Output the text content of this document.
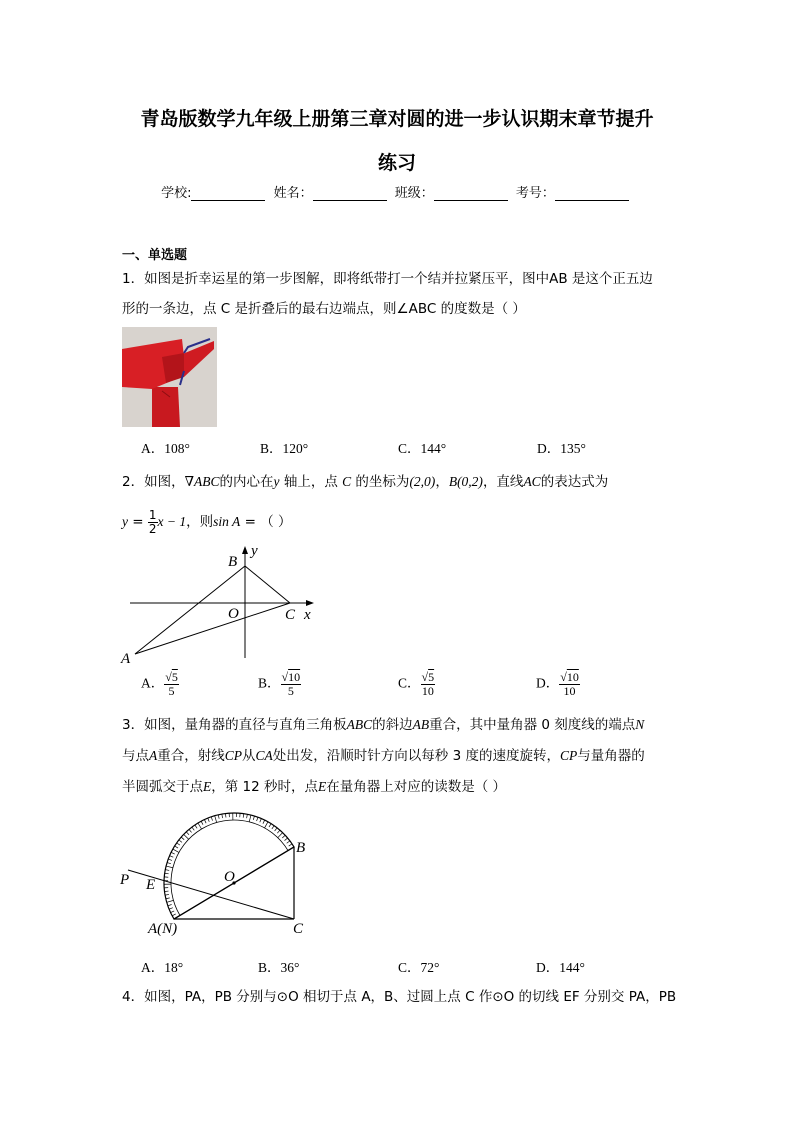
青岛版数学九年级上册第三章对圆的进一步认识期末章节提升
练习
学校:	姓名：	班级：	考号：
一、单选题
1．如图是折幸运星的第一步图解，即将纸带打一个结并拉紧压平，图中AB 是这个正五边
形的一条边，点 C 是折叠后的最右边端点，则∠ABC 的度数是（ ）
A．108°	B．120°	C．144°	D．135°
2．如图，∇ABC的内心在y 轴上，点 C 的坐标为(2,0)，B(0,2)，直线AC的表达式为
$y = \frac{1}{2}$ x − 1，则sin A = （ ）
B
y
O	C x
A
A． $\frac{√5}{5}$	B． $\frac{√10}{5}$	C． $\frac{√5}{10}$	D． $\frac{√10}{10}$
3．如图，量角器的直径与直角三角板ABC的斜边AB重合，其中量角器 0 刻度线的端点N
与点A重合，射线CP从CA处出发，沿顺时针方向以每秒 3 度的速度旋转，CP与量角器的
半圆弧交于点E，第 12 秒时，点E在量角器上对应的读数是（ ）
P E	O
B
A(N)	C
A．18°	B．36°	C．72°	D．144°
4．如图，PA，PB 分别与⊙O 相切于点 A，B、过圆上点 C 作⊙O 的切线 EF 分别交 PA，PB
